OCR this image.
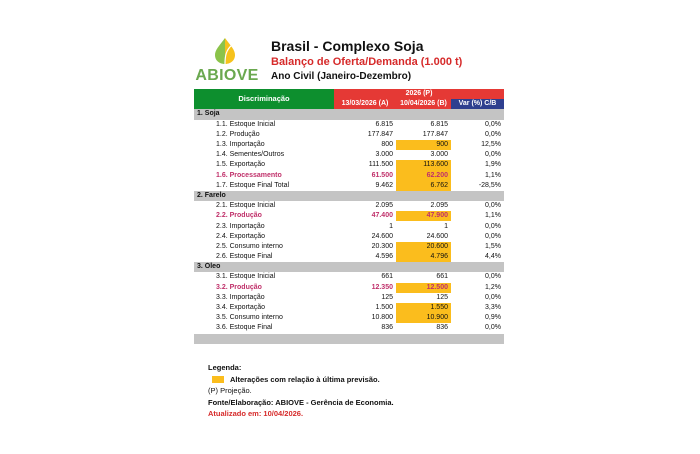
ABIOVE
Brasil - Complexo Soja
Balanço de Oferta/Demanda (1.000 t)
Ano Civil (Janeiro-Dezembro)
Discriminação	2026 (P)		
	13/03/2026 (A)	10/04/2026 (B)	Var (%) C/B
1. Soja			
1.1. Estoque Inicial	6.815	6.815	0,0%
1.2. Produção	177.847	177.847	0,0%
1.3. Importação	800	900	12,5%
1.4. Sementes/Outros	3.000	3.000	0,0%
1.5. Exportação	111.500	113.600	1,9%
1.6. Processamento	61.500	62.200	1,1%
1.7. Estoque Final Total	9.462	6.762	-28,5%
2. Farelo			
2.1. Estoque Inicial	2.095	2.095	0,0%
2.2. Produção	47.400	47.900	1,1%
2.3. Importação	1	1	0,0%
2.4. Exportação	24.600	24.600	0,0%
2.5. Consumo interno	20.300	20.600	1,5%
2.6. Estoque Final	4.596	4.796	4,4%
3. Óleo			
3.1. Estoque Inicial	661	661	0,0%
3.2. Produção	12.350	12.500	1,2%
3.3. Importação	125	125	0,0%
3.4. Exportação	1.500	1.550	3,3%
3.5. Consumo interno	10.800	10.900	0,9%
3.6. Estoque Final	836	836	0,0%

Legenda:
Alterações com relação à última previsão.
(P) Projeção.
Fonte/Elaboração: ABIOVE - Gerência de Economia.
Atualizado em: 10/04/2026.
